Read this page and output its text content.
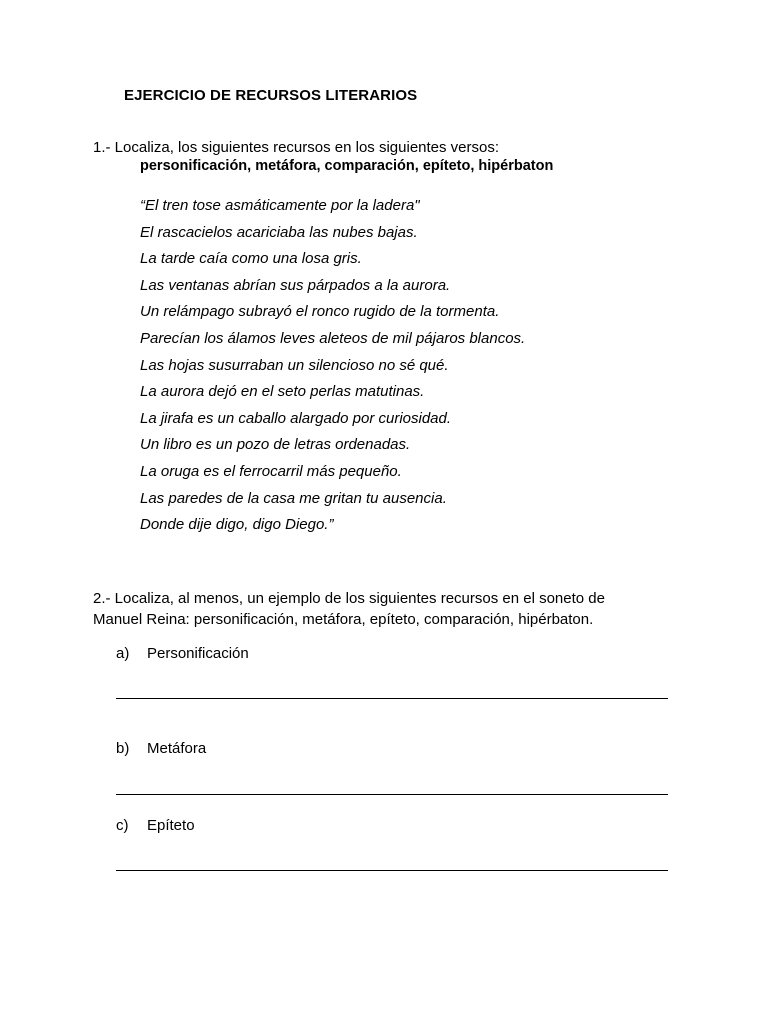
EJERCICIO DE RECURSOS LITERARIOS
1.- Localiza, los siguientes recursos en los siguientes versos:
personificación, metáfora, comparación, epíteto, hipérbaton
“El tren tose asmáticamente por la ladera"
El rascacielos acariciaba las nubes bajas.
La tarde caía como una losa gris.
Las ventanas abrían sus párpados a la aurora.
Un relámpago subrayó el ronco rugido de la tormenta.
Parecían los álamos leves aleteos de mil pájaros blancos.
Las hojas susurraban un silencioso no sé qué.
La aurora dejó en el seto perlas matutinas.
La jirafa es un caballo alargado por curiosidad.
Un libro es un pozo de letras ordenadas.
La oruga es el ferrocarril más pequeño.
Las paredes de la casa me gritan tu ausencia.
Donde dije digo, digo Diego.”
2.- Localiza, al menos, un ejemplo de los siguientes recursos en el soneto de Manuel Reina: personificación, metáfora, epíteto, comparación, hipérbaton.
a) Personificación
b) Metáfora
c) Epíteto
